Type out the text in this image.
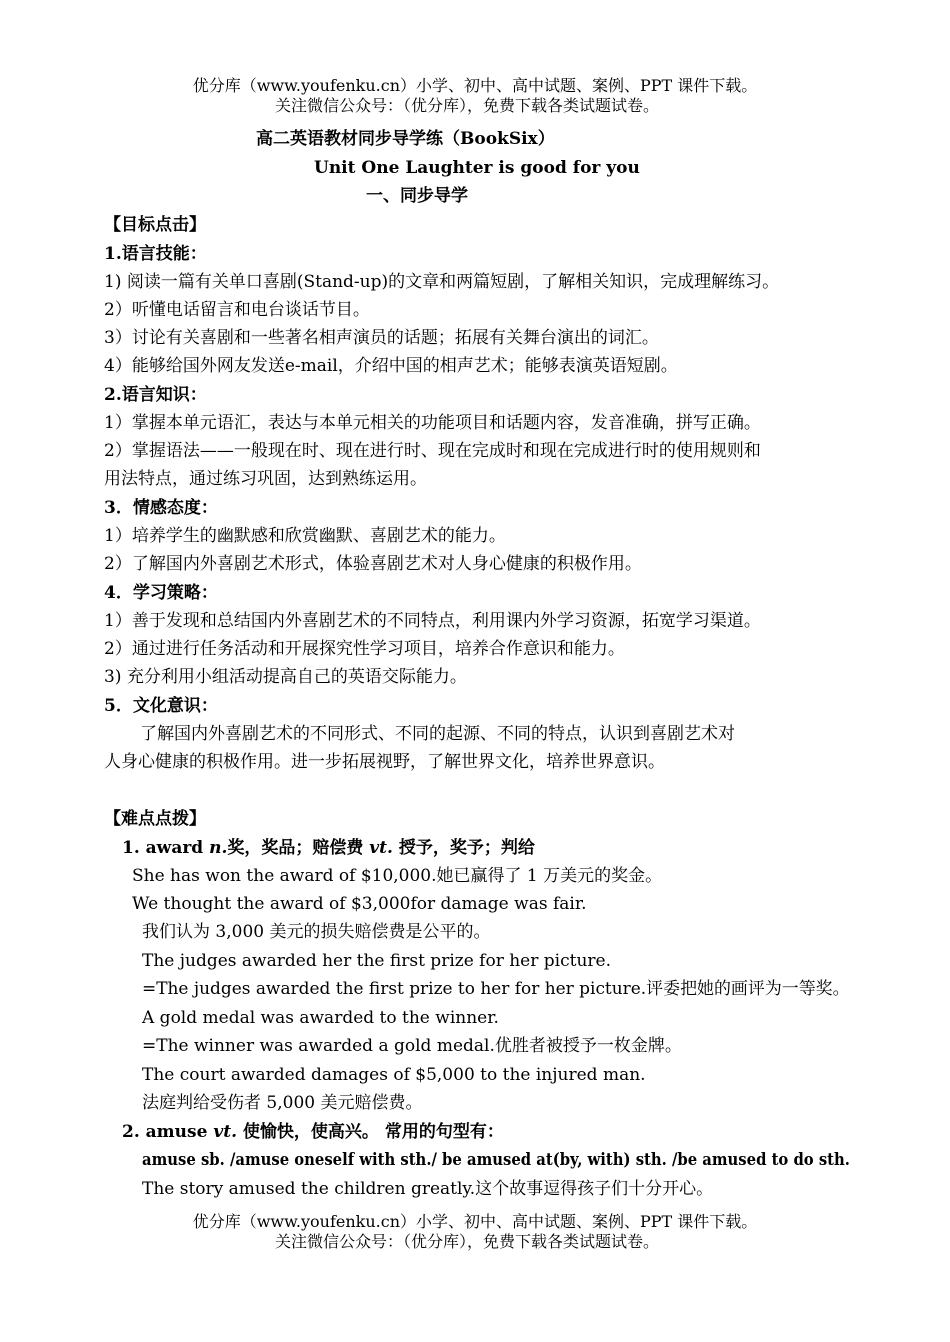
优分库（www.youfenku.cn）小学、初中、高中试题、案例、PPT 课件下载。
关注微信公众号：（优分库），免费下载各类试题试卷。
高二英语教材同步导学练（BookSix）
Unit One Laughter is good for you
一、同步导学
【目标点击】
1.语言技能：
1) 阅读一篇有关单口喜剧(Stand-up)的文章和两篇短剧，了解相关知识，完成理解练习。
2）听懂电话留言和电台谈话节目。
3）讨论有关喜剧和一些著名相声演员的话题；拓展有关舞台演出的词汇。
4）能够给国外网友发送e-mail，介绍中国的相声艺术；能够表演英语短剧。
2.语言知识：
1）掌握本单元语汇，表达与本单元相关的功能项目和话题内容，发音准确，拼写正确。
2）掌握语法——一般现在时、现在进行时、现在完成时和现在完成进行时的使用规则和
用法特点，通过练习巩固，达到熟练运用。
3．情感态度：
1）培养学生的幽默感和欣赏幽默、喜剧艺术的能力。
2）了解国内外喜剧艺术形式，体验喜剧艺术对人身心健康的积极作用。
4．学习策略：
1）善于发现和总结国内外喜剧艺术的不同特点，利用课内外学习资源，拓宽学习渠道。
2）通过进行任务活动和开展探究性学习项目，培养合作意识和能力。
3) 充分利用小组活动提高自己的英语交际能力。
5．文化意识：
了解国内外喜剧艺术的不同形式、不同的起源、不同的特点，认识到喜剧艺术对
人身心健康的积极作用。进一步拓展视野，了解世界文化，培养世界意识。
【难点点拨】
1. award n.奖，奖品；赔偿费 vt. 授予，奖予；判给
She has won the award of $10,000.她已赢得了 1 万美元的奖金。
We thought the award of $3,000for damage was fair.
我们认为 3,000 美元的损失赔偿费是公平的。
The judges awarded her the first prize for her picture.
=The judges awarded the first prize to her for her picture.评委把她的画评为一等奖。
A gold medal was awarded to the winner.
=The winner was awarded a gold medal.优胜者被授予一枚金牌。
The court awarded damages of $5,000 to the injured man.
法庭判给受伤者 5,000 美元赔偿费。
2. amuse vt. 使愉快，使高兴。 常用的句型有：
amuse sb. /amuse oneself with sth./ be amused at(by, with) sth. /be amused to do sth.
The story amused the children greatly.这个故事逗得孩子们十分开心。
优分库（www.youfenku.cn）小学、初中、高中试题、案例、PPT 课件下载。
关注微信公众号：（优分库），免费下载各类试题试卷。
